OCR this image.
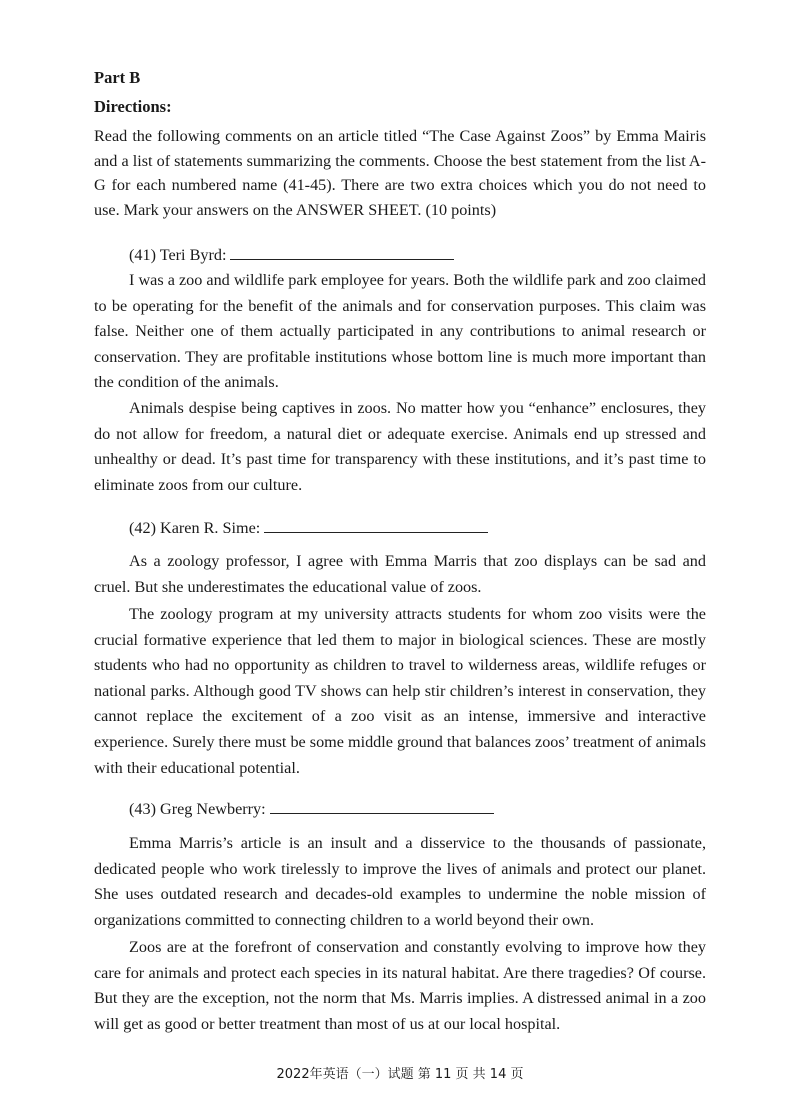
Part B
Directions:

Read the following comments on an article titled “The Case Against Zoos” by Emma Mairis and a list of statements summarizing the comments. Choose the best statement from the list A-G for each numbered name (41-45). There are two extra choices which you do not need to use. Mark your answers on the ANSWER SHEET. (10 points)

(41) Teri Byrd:

I was a zoo and wildlife park employee for years. Both the wildlife park and zoo claimed to be operating for the benefit of the animals and for conservation purposes. This claim was false. Neither one of them actually participated in any contributions to animal research or conservation. They are profitable institutions whose bottom line is much more important than the condition of the animals.

Animals despise being captives in zoos. No matter how you “enhance” enclosures, they do not allow for freedom, a natural diet or adequate exercise. Animals end up stressed and unhealthy or dead. It’s past time for transparency with these institutions, and it’s past time to eliminate zoos from our culture.

(42) Karen R. Sime:

As a zoology professor, I agree with Emma Marris that zoo displays can be sad and cruel. But she underestimates the educational value of zoos.

The zoology program at my university attracts students for whom zoo visits were the crucial formative experience that led them to major in biological sciences. These are mostly students who had no opportunity as children to travel to wilderness areas, wildlife refuges or national parks. Although good TV shows can help stir children’s interest in conservation, they cannot replace the excitement of a zoo visit as an intense, immersive and interactive experience. Surely there must be some middle ground that balances zoos’ treatment of animals with their educational potential.

(43) Greg Newberry:

Emma Marris’s article is an insult and a disservice to the thousands of passionate, dedicated people who work tirelessly to improve the lives of animals and protect our planet. She uses outdated research and decades-old examples to undermine the noble mission of organizations committed to connecting children to a world beyond their own.

Zoos are at the forefront of conservation and constantly evolving to improve how they care for animals and protect each species in its natural habitat. Are there tragedies? Of course. But they are the exception, not the norm that Ms. Marris implies. A distressed animal in a zoo will get as good or better treatment than most of us at our local hospital.

2022年英语（一）试题 第 11 页 共 14 页
